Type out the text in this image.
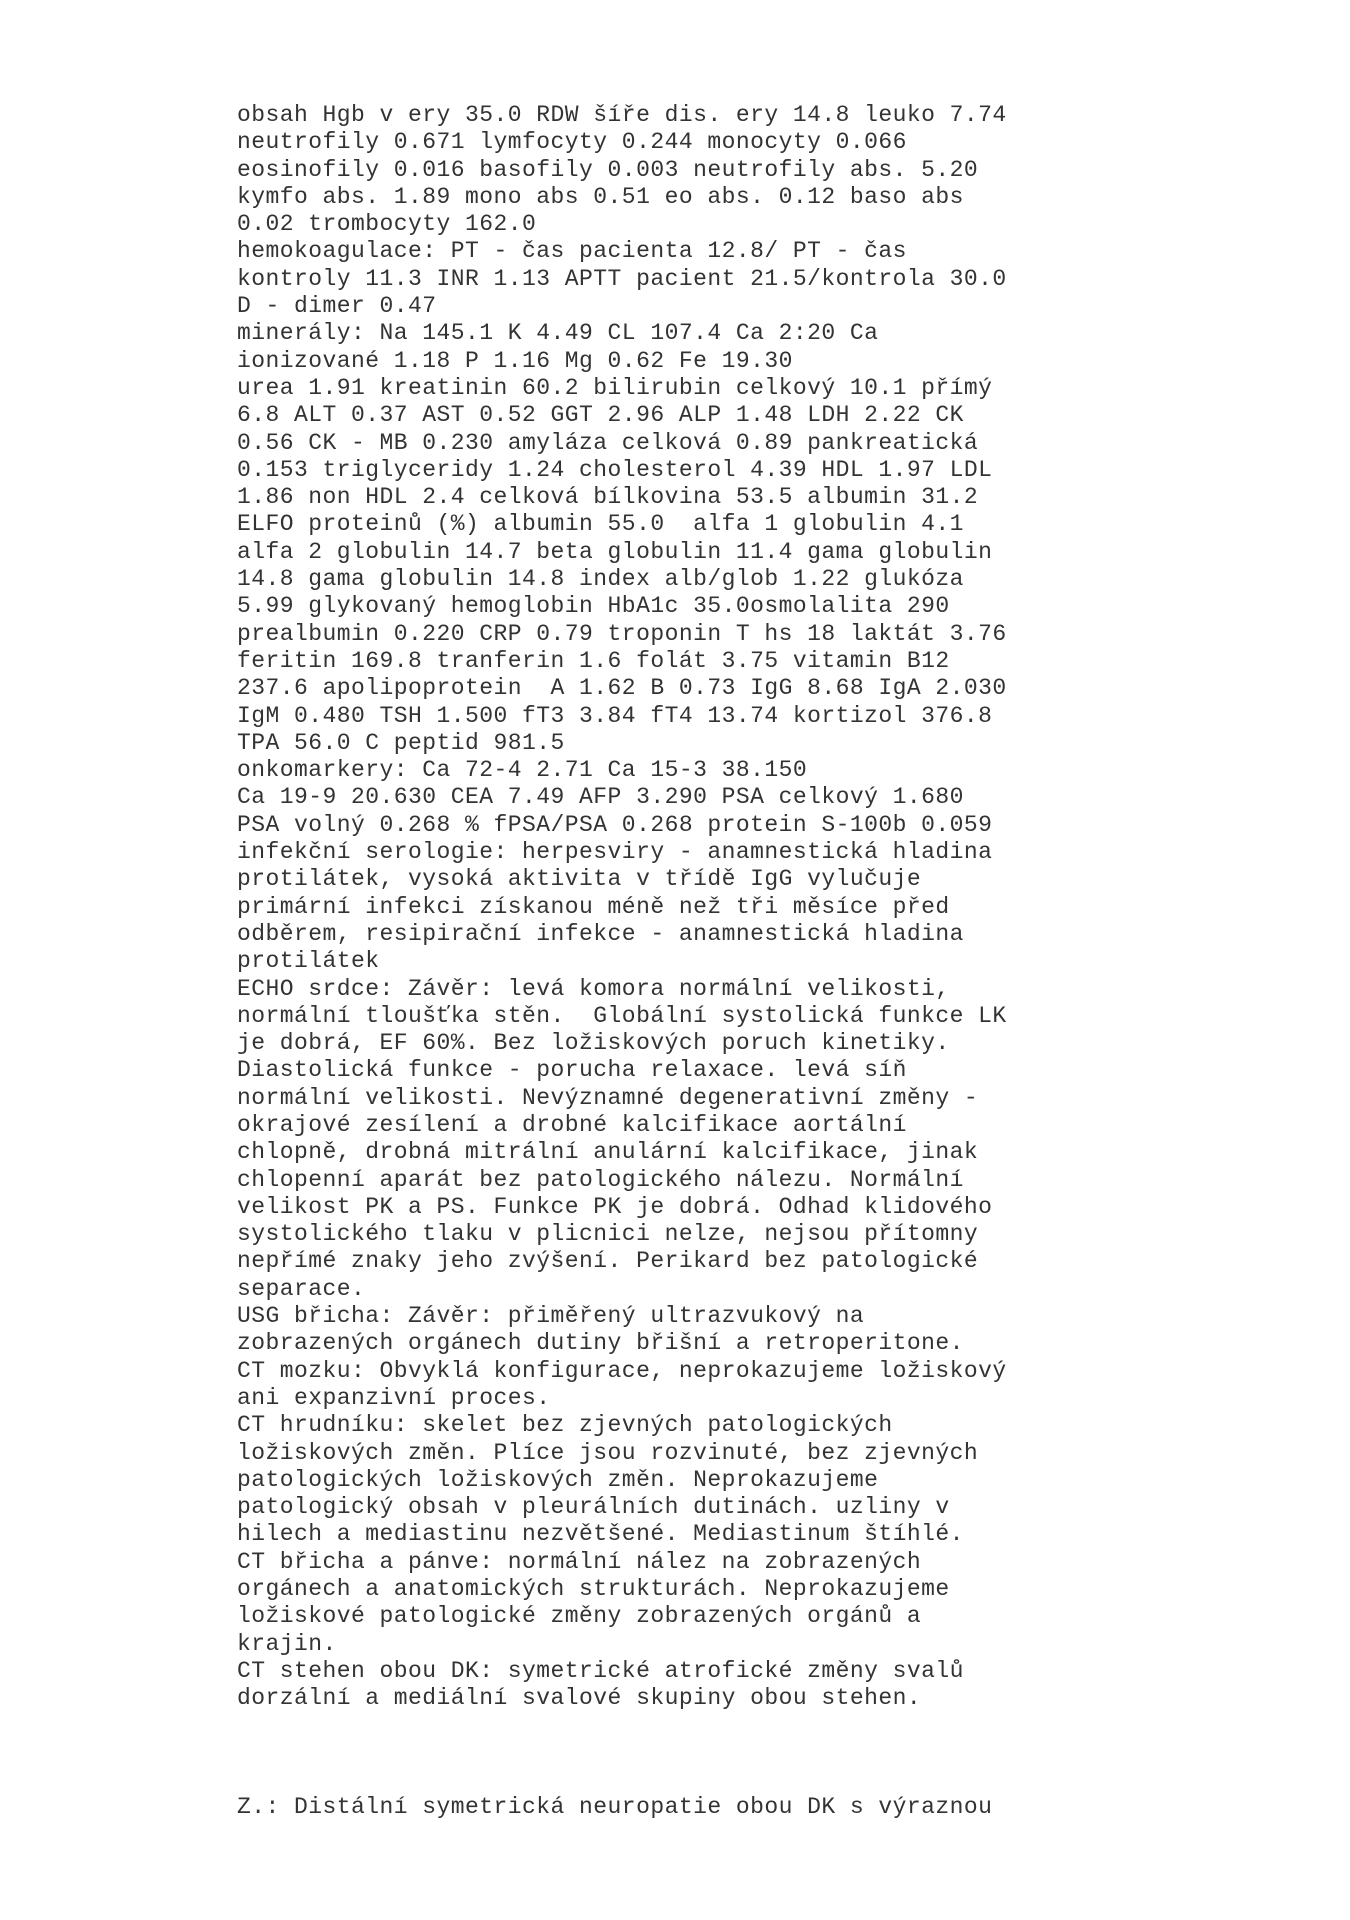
obsah Hgb v ery 35.0 RDW šíře dis. ery 14.8 leuko 7.74
neutrofily 0.671 lymfocyty 0.244 monocyty 0.066
eosinofily 0.016 basofily 0.003 neutrofily abs. 5.20
kymfo abs. 1.89 mono abs 0.51 eo abs. 0.12 baso abs
0.02 trombocyty 162.0
hemokoagulace: PT - čas pacienta 12.8/ PT - čas
kontroly 11.3 INR 1.13 APTT pacient 21.5/kontrola 30.0
D - dimer 0.47
minerály: Na 145.1 K 4.49 CL 107.4 Ca 2:20 Ca
ionizované 1.18 P 1.16 Mg 0.62 Fe 19.30
urea 1.91 kreatinin 60.2 bilirubin celkový 10.1 přímý
6.8 ALT 0.37 AST 0.52 GGT 2.96 ALP 1.48 LDH 2.22 CK
0.56 CK - MB 0.230 amyláza celková 0.89 pankreatická
0.153 triglyceridy 1.24 cholesterol 4.39 HDL 1.97 LDL
1.86 non HDL 2.4 celková bílkovina 53.5 albumin 31.2
ELFO proteinů (%) albumin 55.0  alfa 1 globulin 4.1
alfa 2 globulin 14.7 beta globulin 11.4 gama globulin
14.8 gama globulin 14.8 index alb/glob 1.22 glukóza
5.99 glykovaný hemoglobin HbA1c 35.0osmolalita 290
prealbumin 0.220 CRP 0.79 troponin T hs 18 laktát 3.76
feritin 169.8 tranferin 1.6 folát 3.75 vitamin B12
237.6 apolipoprotein  A 1.62 B 0.73 IgG 8.68 IgA 2.030
IgM 0.480 TSH 1.500 fT3 3.84 fT4 13.74 kortizol 376.8
TPA 56.0 C peptid 981.5
onkomarkery: Ca 72-4 2.71 Ca 15-3 38.150
Ca 19-9 20.630 CEA 7.49 AFP 3.290 PSA celkový 1.680
PSA volný 0.268 % fPSA/PSA 0.268 protein S-100b 0.059
infekční serologie: herpesviry - anamnestická hladina
protilátek, vysoká aktivita v třídě IgG vylučuje
primární infekci získanou méně než tři měsíce před
odběrem, resipirační infekce - anamnestická hladina
protilátek
ECHO srdce: Závěr: levá komora normální velikosti,
normální tloušťka stěn.  Globální systolická funkce LK
je dobrá, EF 60%. Bez ložiskových poruch kinetiky.
Diastolická funkce - porucha relaxace. levá síň
normální velikosti. Nevýznamné degenerativní změny -
okrajové zesílení a drobné kalcifikace aortální
chlopně, drobná mitrální anulární kalcifikace, jinak
chlopenní aparát bez patologického nálezu. Normální
velikost PK a PS. Funkce PK je dobrá. Odhad klidového
systolického tlaku v plicnici nelze, nejsou přítomny
nepřímé znaky jeho zvýšení. Perikard bez patologické
separace.
USG břicha: Závěr: přiměřený ultrazvukový na
zobrazených orgánech dutiny břišní a retroperitone.
CT mozku: Obvyklá konfigurace, neprokazujeme ložiskový
ani expanzivní proces.
CT hrudníku: skelet bez zjevných patologických
ložiskových změn. Plíce jsou rozvinuté, bez zjevných
patologických ložiskových změn. Neprokazujeme
patologický obsah v pleurálních dutinách. uzliny v
hilech a mediastinu nezvětšené. Mediastinum štíhlé.
CT břicha a pánve: normální nález na zobrazených
orgánech a anatomických strukturách. Neprokazujeme
ložiskové patologické změny zobrazených orgánů a
krajin.
CT stehen obou DK: symetrické atrofické změny svalů
dorzální a mediální svalové skupiny obou stehen.
Z.: Distální symetrická neuropatie obou DK s výraznou
